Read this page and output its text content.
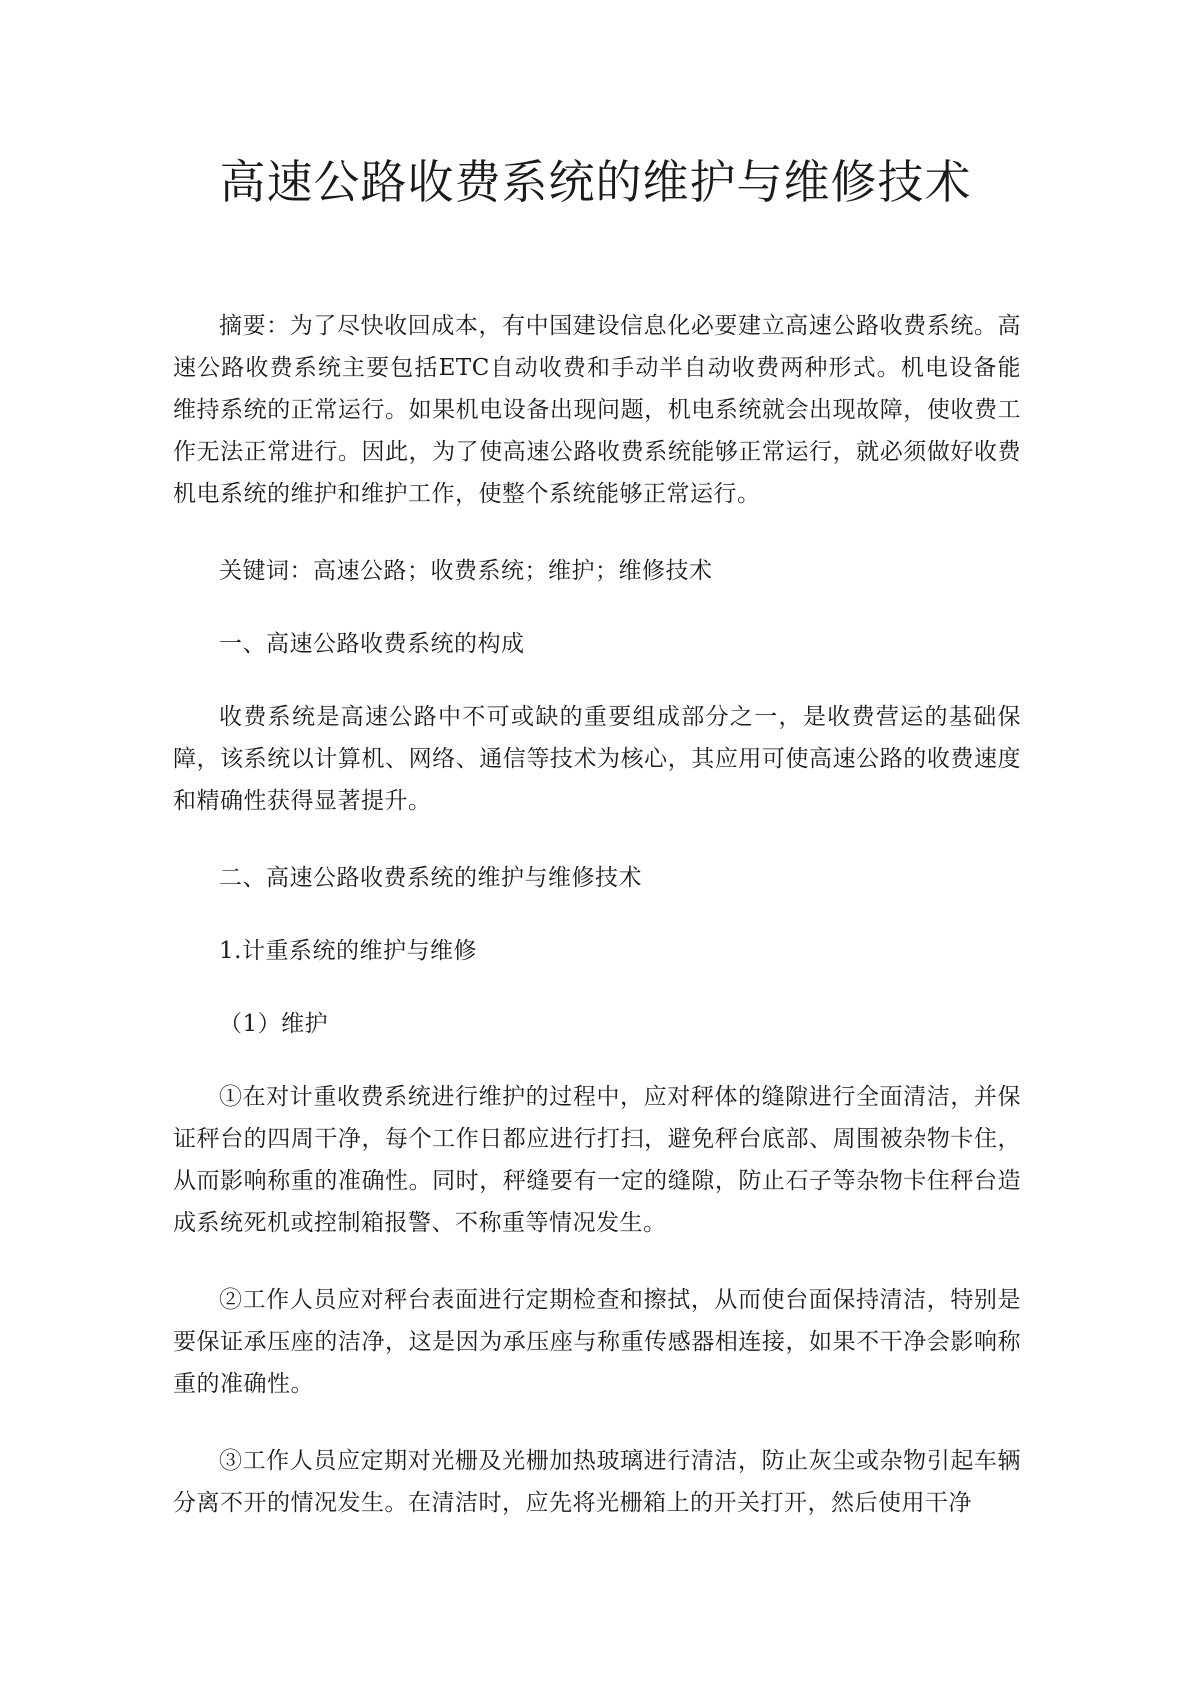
高速公路收费系统的维护与维修技术

摘要：为了尽快收回成本，有中国建设信息化必要建立高速公路收费系统。高速公路收费系统主要包括ETC自动收费和手动半自动收费两种形式。机电设备能维持系统的正常运行。如果机电设备出现问题，机电系统就会出现故障，使收费工作无法正常进行。因此，为了使高速公路收费系统能够正常运行，就必须做好收费机电系统的维护和维护工作，使整个系统能够正常运行。

关键词：高速公路；收费系统；维护；维修技术

一、高速公路收费系统的构成

收费系统是高速公路中不可或缺的重要组成部分之一，是收费营运的基础保障，该系统以计算机、网络、通信等技术为核心，其应用可使高速公路的收费速度和精确性获得显著提升。

二、高速公路收费系统的维护与维修技术

1.计重系统的维护与维修

（1）维护

①在对计重收费系统进行维护的过程中，应对秤体的缝隙进行全面清洁，并保证秤台的四周干净，每个工作日都应进行打扫，避免秤台底部、周围被杂物卡住，从而影响称重的准确性。同时，秤缝要有一定的缝隙，防止石子等杂物卡住秤台造成系统死机或控制箱报警、不称重等情况发生。

②工作人员应对秤台表面进行定期检查和擦拭，从而使台面保持清洁，特别是要保证承压座的洁净，这是因为承压座与称重传感器相连接，如果不干净会影响称重的准确性。

③工作人员应定期对光栅及光栅加热玻璃进行清洁，防止灰尘或杂物引起车辆分离不开的情况发生。在清洁时，应先将光栅箱上的开关打开，然后使用干净
